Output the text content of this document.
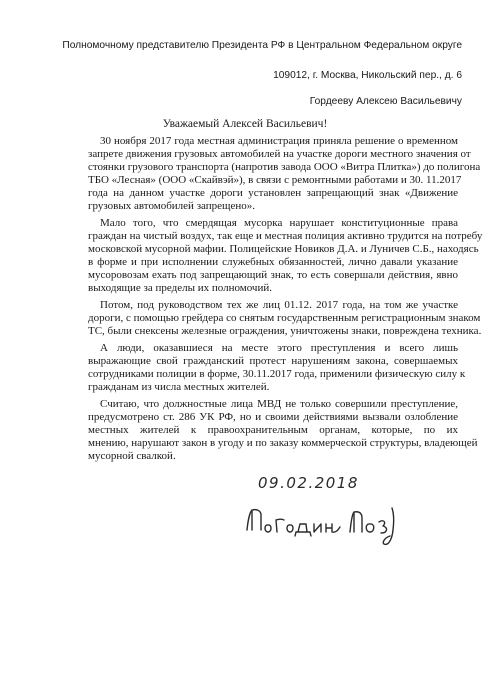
Полномочному представителю Президента РФ в Центральном Федеральном округе
109012, г. Москва, Никольский пер., д. 6
Гордееву Алексею Васильевичу
Уважаемый Алексей Васильевич!
30 ноября 2017 года местная администрация приняла решение о временном
запрете движения грузовых автомобилей на участке дороги местного значения от
стоянки грузового транспорта (напротив завода ООО «Витра Плитка») до полигона
ТБО «Лесная» (ООО «Скайвэй»), в связи с ремонтными работами и 30. 11.2017
года на данном участке дороги установлен запрещающий знак «Движение
грузовых автомобилей запрещено».
Мало того, что смердящая мусорка нарушает конституционные права
граждан на чистый воздух, так еще и местная полиция активно трудится на потребу
московской мусорной мафии. Полицейские Новиков Д.А. и Луничев С.Б., находясь
в форме и при исполнении служебных обязанностей, лично давали указание
мусоровозам ехать под запрещающий знак, то есть совершали действия, явно
выходящие за пределы их полномочий.
Потом, под руководством тех же лиц 01.12. 2017 года, на том же участке
дороги, с помощью грейдера со снятым государственным регистрационным знаком
ТС, были снексены железные ограждения, уничтожены знаки, повреждена техника.
А люди, оказавшиеся на месте этого преступления и всего лишь
выражающие свой гражданский протест нарушениям закона, совершаемых
сотрудниками полиции в форме, 30.11.2017 года, применили физическую силу к
гражданам из числа местных жителей.
Считаю, что должностные лица МВД не только совершили преступление,
предусмотрено ст. 286 УК РФ, но и своими действиями вызвали озлобление
местных жителей к правоохранительным органам, которые, по их
мнению, нарушают закон в угоду и по заказу коммерческой структуры, владеющей
мусорной свалкой.
09.02.2018
